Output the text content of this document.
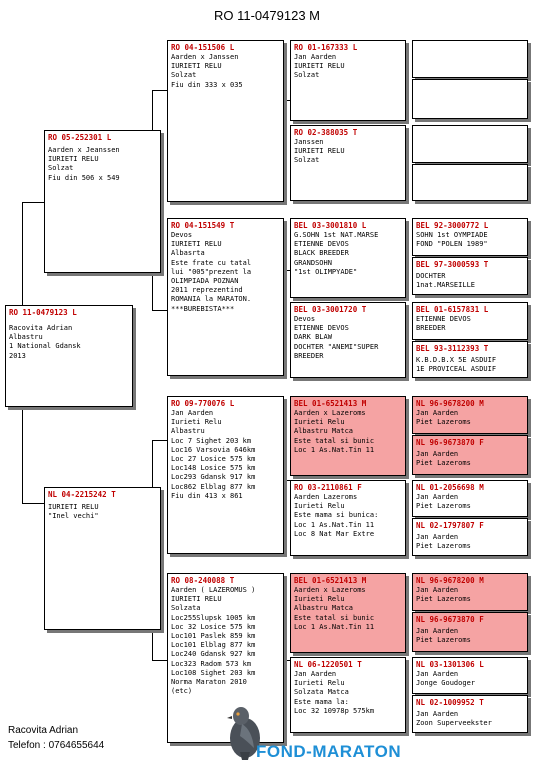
RO 11-0479123 M
RO 11-0479123 L
Racovita Adrian
Albastru
1 National Gdansk
2013
RO 05-252301 L
Aarden x Jeanssen
IURIETI RELU
Solzat
Fiu din 506 x 549
NL 04-2215242 T
IURIETI RELU
"Inel vechi"
RO 04-151506 L
Aarden x Janssen
IURIETI RELU
Solzat
Fiu din 333 x 035
RO 04-151549 T
Devos
IURIETI RELU
Albasrta
Este frate cu tatal
lui "005"prezent la
OLIMPIADA POZNAN
2011 reprezentind
ROMANIA la MARATON.
***BUREBISTA***
RO 09-770076 L
Jan Aarden
Iurieti Relu
Albastru
Loc 7 Sighet 203 km
Loc16 Varsovia 646km
Loc 27 Losice 575 km
Loc148 Losice 575 km
Loc293 Gdansk 917 km
Loc862 Elblag 877 km
Fiu din 413 x 861
RO 08-240088 T
Aarden ( LAZEROMUS )
IURIETI RELU
Solzata
Loc255Slupsk 1005 km
Loc 32 Losice 575 km
Loc101 Paslek 859 km
Loc101 Elblag 877 km
Loc240 Gdansk 927 km
Loc323 Radom 573 km
Loc108 Sighet 203 km
Norma Maraton 2010
(etc)
RO 01-167333 L
Jan Aarden
IURIETI RELU
Solzat
RO 02-388035 T
Janssen
IURIETI RELU
Solzat
BEL 03-3001810 L
G.SOHN 1st NAT.MARSE
ETIENNE DEVOS
BLACK BREEDER
GRANDSOHN
"1st OLIMPYADE"
BEL 03-3001720 T
Devos
ETIENNE DEVOS
DARK BLAW
DOCHTER "ANEMI"SUPER
BREEDER
BEL 01-6521413 M
Aarden x Lazeroms
Iurieti Relu
Albastru Matca
Este tatal si bunic
Loc 1 As.Nat.Tin 11
RO 03-2110861 F
Aarden Lazeroms
Iurieti Relu
Este mama si bunica:
Loc 1 As.Nat.Tin 11
Loc 8 Nat Mar Extre
BEL 01-6521413 M
Aarden x Lazeroms
Iurieti Relu
Albastru Matca
Este tatal si bunic
Loc 1 As.Nat.Tin 11
NL 06-1220501 T
Jan Aarden
Iurieti Relu
Solzata Matca
Este mama la:
Loc 32 10978p 575km
BEL 92-3000772 L
SOHN 1st OYMPIADE
FOND "POLEN 1989"
BEL 97-3000593 T
DOCHTER
1nat.MARSEILLE
BEL 01-6157831 L
ETIENNE DEVOS
BREEDER
BEL 93-3112393 T
K.B.D.B.X 5E ASDUIF
1E PROVICEAL ASDUIF
NL 96-9678200 M
Jan Aarden
Piet Lazeroms
NL 96-9673870 F
Jan Aarden
Piet Lazeroms
NL 01-2056698 M
Jan Aarden
Piet Lazeroms
NL 02-1797807 F
Jan Aarden
Piet Lazeroms
NL 96-9678200 M
Jan Aarden
Piet Lazeroms
NL 96-9673870 F
Jan Aarden
Piet Lazeroms
NL 03-1301306 L
Jan Aarden
Jonge Goudoger
NL 02-1009952 T
Jan Aarden
Zoon Superveekster
Racovita Adrian
Telefon : 0764655644	FOND-MARATON
